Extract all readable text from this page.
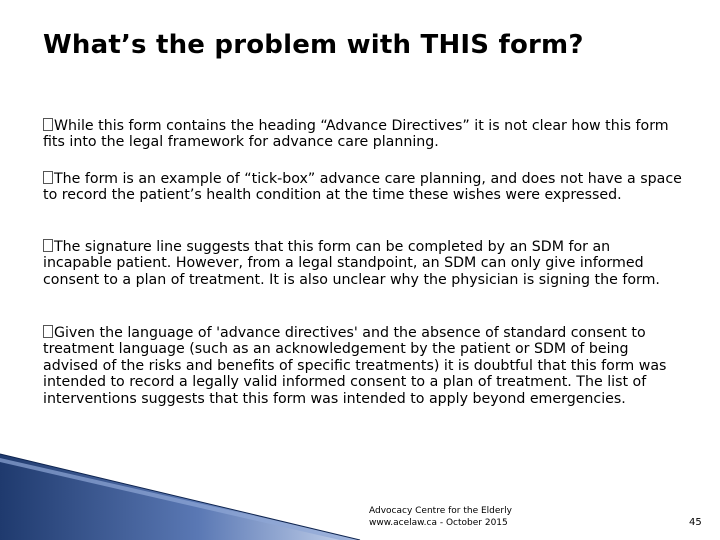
What’s the problem with THIS form?
While this form contains the heading “Advance Directives” it is not clear how this form fits into the legal framework for advance care planning.
The form is an example of “tick-box” advance care planning, and does not have a space to record the patient’s health condition at the time these wishes were expressed.
The signature line suggests that this form can be completed by an SDM for an incapable patient. However, from a legal standpoint, an SDM can only give informed consent to a plan of treatment. It is also unclear why the physician is signing the form.
Given the language of 'advance directives' and the absence of standard consent to treatment language (such as an acknowledgement by the patient or SDM of being advised of the risks and benefits of specific treatments) it is doubtful that this form was intended to record a legally valid informed consent to a plan of treatment. The list of interventions suggests that this form was intended to apply beyond emergencies.
Advocacy Centre for the Elderly
www.acelaw.ca - October 2015	45
